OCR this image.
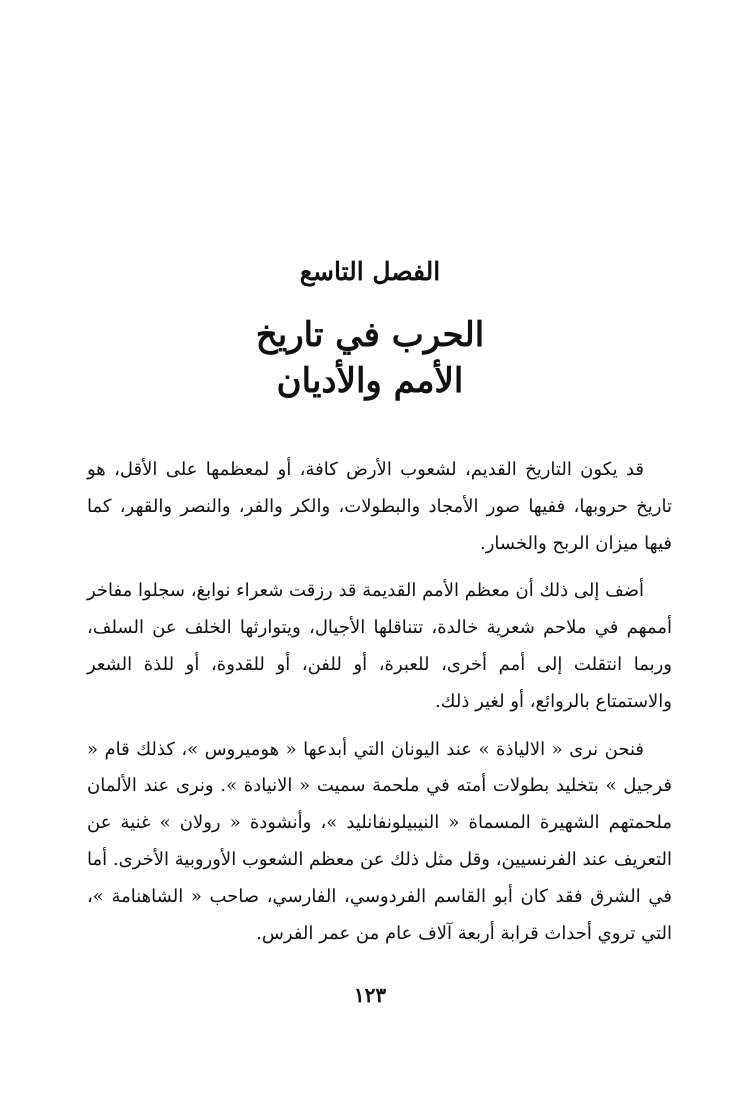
الفصل التاسع
الحرب في تاريخ
الأمم والأديان

قد يكون التاريخ القديم، لشعوب الأرض كافة، أو لمعظمها على الأقل، هو تاريخ حروبها، ففيها صور الأمجاد والبطولات، والكر والفر، والنصر والقهر، كما فيها ميزان الربح والخسار.

أضف إلى ذلك أن معظم الأمم القديمة قد رزقت شعراء نوابغ، سجلوا مفاخر أممهم في ملاحم شعرية خالدة، تتناقلها الأجيال، ويتوارثها الخلف عن السلف، وربما انتقلت إلى أمم أخرى، للعبرة، أو للفن، أو للقدوة، أو للذة الشعر والاستمتاع بالروائع، أو لغير ذلك.

فنحن نرى « الالياذة » عند اليونان التي أبدعها « هوميروس »، كذلك قام « فرجيل » بتخليد بطولات أمته في ملحمة سميت « الانيادة ». ونرى عند الألمان ملحمتهم الشهيرة المسماة « النيبيلونفانليد »، وأنشودة « رولان » غنية عن التعريف عند الفرنسيين، وقل مثل ذلك عن معظم الشعوب الأوروبية الأخرى. أما في الشرق فقد كان أبو القاسم الفردوسي، الفارسي، صاحب « الشاهنامة »، التي تروي أحداث قرابة أربعة آلاف عام من عمر الفرس.

١٢٣
